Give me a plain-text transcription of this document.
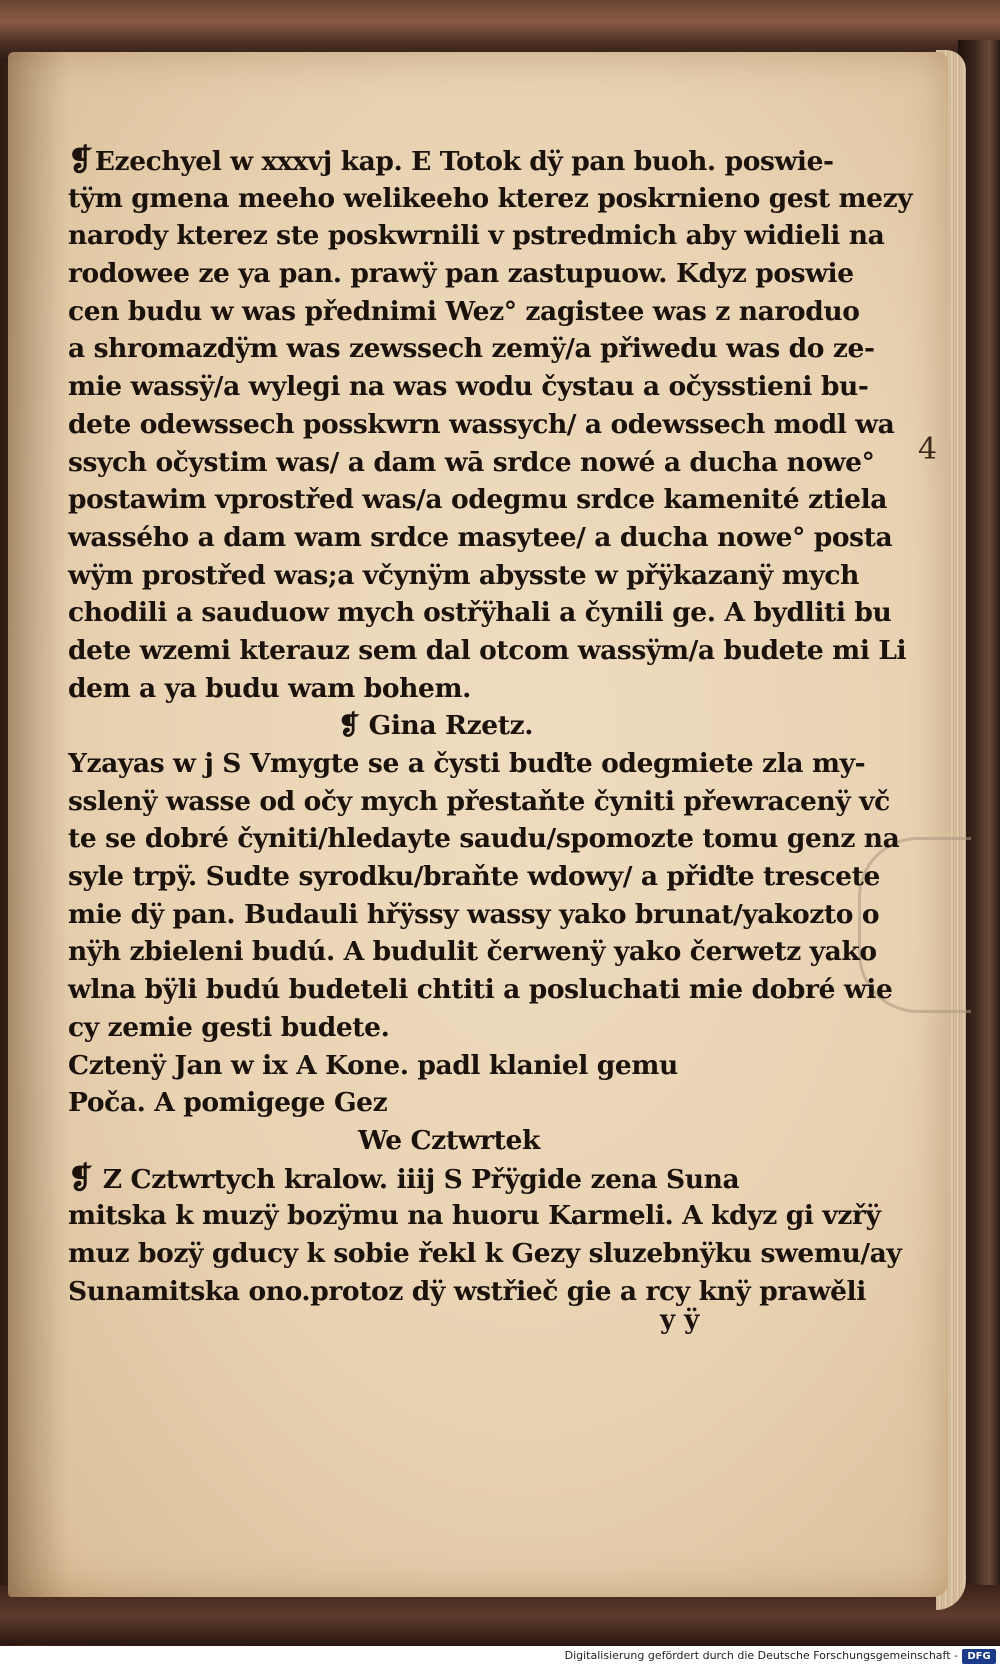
4
❡Ezechyel w xxxvj kap. E Totok dÿ pan buoh. poswie-
tÿm gmena meeho welikeeho kterez poskrnieno gest mezy
narody kterez ste poskwrnili v pstredmich aby widieli na
rodowee ze ya pan. prawÿ pan zastupuow. Kdyz poswie
cen budu w was přednimi Wez° zagistee was z naroduo
a shromazdÿm was zewssech zemÿ/a přiwedu was do ze-
mie wassÿ/a wylegi na was wodu čystau a očysstieni bu-
dete odewssech posskwrn wassych/ a odewssech modl wa
ssych očystim was/ a dam wā srdce nowé a ducha nowe°
postawim vprostřed was/a odegmu srdce kamenité ztiela
wassého a dam wam srdce masytee/ a ducha nowe° posta
wÿm prostřed was;a včynÿm abysste w přÿkazanÿ mych
chodili a sauduow mych ostřÿhali a čynili ge. A bydliti bu
dete wzemi kterauz sem dal otcom wassÿm/a budete mi Li
dem a ya budu wam bohem.
❡ Gina Rzetz.
Yzayas w j S Vmygte se a čysti buďte odegmiete zla my-
sslenÿ wasse od očy mych přestaňte čyniti přewracenÿ vč
te se dobré čyniti/hledayte saudu/spomozte tomu genz na
syle trpÿ. Sudte syrodku/braňte wdowy/ a přiďte trescete
mie dÿ pan. Budauli hřÿssy wassy yako brunat/yakozto o
nÿh zbieleni budú. A budulit čerwenÿ yako čerwetz yako
wlna bÿli budú budeteli chtiti a posluchati mie dobré wie
cy zemie gesti budete.
Cztenÿ Jan w ix A Kone. padl klaniel gemu
Poča. A pomigege Gez
We Cztwrtek
❡ Z Cztwrtych kralow. iiij S Přÿgide zena Suna
mitska k muzÿ bozÿmu na huoru Karmeli. A kdyz gi vzřÿ
muz bozÿ gducy k sobie řekl k Gezy sluzebnÿku swemu/ay
Sunamitska ono.protoz dÿ wstřieč gie a rcy knÿ prawěli
y ÿ
Digitalisierung gefördert durch die Deutsche Forschungsgemeinschaft - DFG
